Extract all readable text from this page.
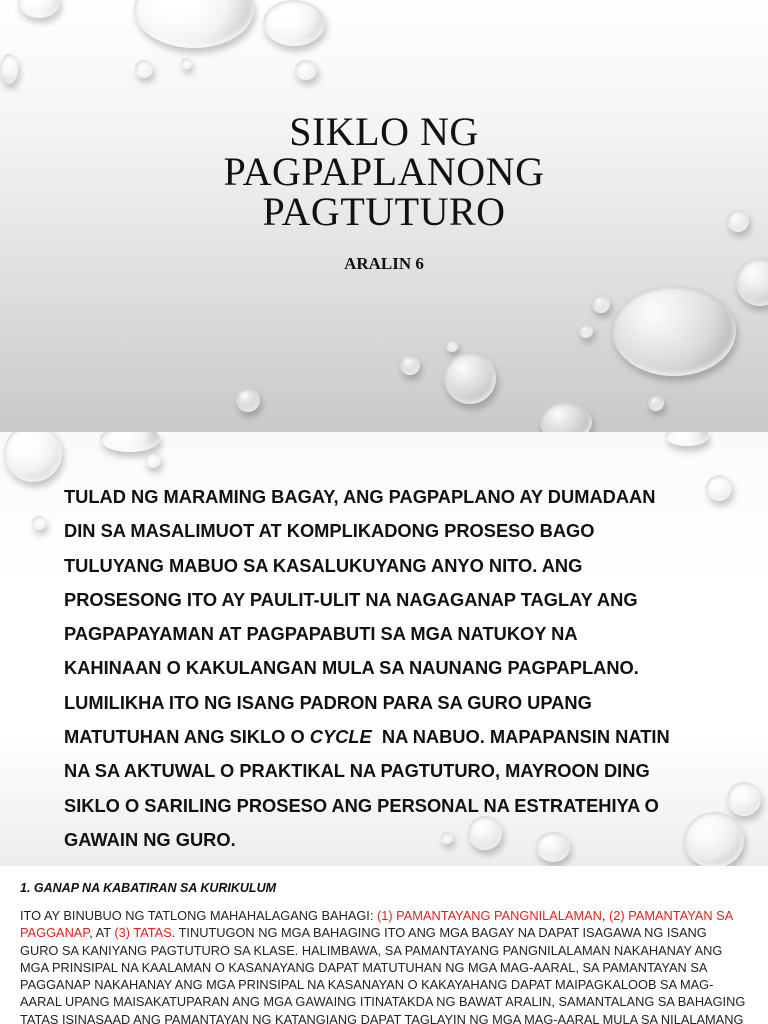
SIKLO NG
PAGPAPLANONG
PAGTUTURO
ARALIN 6
TULAD NG MARAMING BAGAY, ANG PAGPAPLANO AY DUMADAAN
DIN SA MASALIMUOT AT KOMPLIKADONG PROSESO BAGO
TULUYANG MABUO SA KASALUKUYANG ANYO NITO. ANG
PROSESONG ITO AY PAULIT-ULIT NA NAGAGANAP TAGLAY ANG
PAGPAPAYAMAN AT PAGPAPABUTI SA MGA NATUKOY NA
KAHINAAN O KAKULANGAN MULA SA NAUNANG PAGPAPLANO.
LUMILIKHA ITO NG ISANG PADRON PARA SA GURO UPANG
MATUTUHAN ANG SIKLO O CYCLE  NA NABUO. MAPAPANSIN NATIN
NA SA AKTUWAL O PRAKTIKAL NA PAGTUTURO, MAYROON DING
SIKLO O SARILING PROSESO ANG PERSONAL NA ESTRATEHIYA O
GAWAIN NG GURO.
1. GANAP NA KABATIRAN SA KURIKULUM
ITO AY BINUBUO NG TATLONG MAHAHALAGANG BAHAGI: (1) PAMANTAYANG PANGNILALAMAN, (2) PAMANTAYAN SA
PAGGANAP, AT (3) TATAS. TINUTUGON NG MGA BAHAGING ITO ANG MGA BAGAY NA DAPAT ISAGAWA NG ISANG
GURO SA KANIYANG PAGTUTURO SA KLASE. HALIMBAWA, SA PAMANTAYANG PANGNILALAMAN NAKAHANAY ANG
MGA PRINSIPAL NA KAALAMAN O KASANAYANG DAPAT MATUTUHAN NG MGA MAG-AARAL, SA PAMANTAYAN SA
PAGGANAP NAKAHANAY ANG MGA PRINSIPAL NA KASANAYAN O KAKAYAHANG DAPAT MAIPAGKALOOB SA MAG-
AARAL UPANG MAISAKATUPARAN ANG MGA GAWAING ITINATAKDA NG BAWAT ARALIN, SAMANTALANG SA BAHAGING
TATAS ISINASAAD ANG PAMANTAYAN NG KATANGIANG DAPAT TAGLAYIN NG MGA MAG-AARAL MULA SA NILALAMANG
